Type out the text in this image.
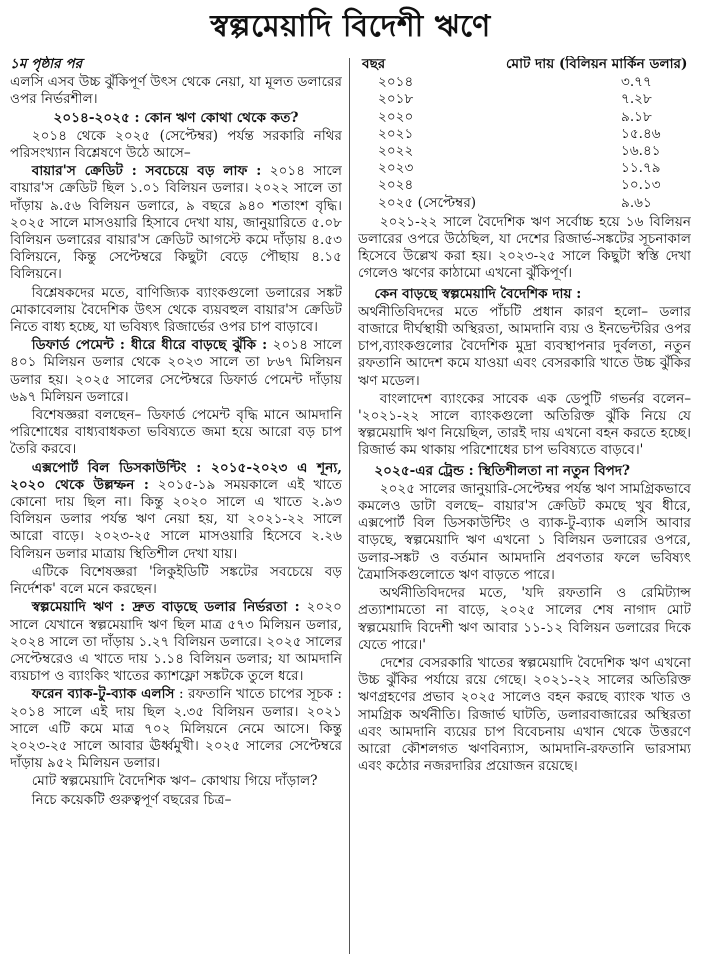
স্বল্পমেয়াদি বিদেশী ঋণে

১ম পৃষ্ঠার পর

এলসি এসব উচ্চ ঝুঁকিপূর্ণ উৎস থেকে নেয়া, যা মূলত ডলারের ওপর নির্ভরশীল।

২০১৪-২০২৫ : কোন ঋণ কোথা থেকে কত?

২০১৪ থেকে ২০২৫ (সেপ্টেম্বর) পর্যন্ত সরকারি নথির পরিসংখ্যান বিশ্লেষণে উঠে আসে–

বায়ার'স ক্রেডিট : সবচেয়ে বড় লাফ : ২০১৪ সালে বায়ার'স ক্রেডিট ছিল ১.০১ বিলিয়ন ডলার। ২০২২ সালে তা দাঁড়ায় ৯.৫৬ বিলিয়ন ডলারে, ৯ বছরে ৯৪০ শতাংশ বৃদ্ধি। ২০২৫ সালে মাসওয়ারি হিসাবে দেখা যায়, জানুয়ারিতে ৫.০৮ বিলিয়ন ডলারের বায়ার'স ক্রেডিট আগস্টে কমে দাঁড়ায় ৪.৫৩ বিলিয়নে, কিন্তু সেপ্টেম্বরে কিছুটা বেড়ে পৌছায় ৪.১৫ বিলিয়নে।

বিশ্লেষকদের মতে, বাণিজ্যিক ব্যাংকগুলো ডলারের সঙ্কট মোকাবেলায় বৈদেশিক উৎস থেকে ব্যয়বহুল বায়ার'স ক্রেডিট নিতে বাধ্য হচ্ছে, যা ভবিষ্যৎ রিজার্ভের ওপর চাপ বাড়াবে।

ডিফার্ড পেমেন্ট : ধীরে ধীরে বাড়ছে ঝুঁকি : ২০১৪ সালে ৪০১ মিলিয়ন ডলার থেকে ২০২৩ সালে তা ৮৬৭ মিলিয়ন ডলার হয়। ২০২৫ সালের সেপ্টেম্বরে ডিফার্ড পেমেন্ট দাঁড়ায় ৬৯৭ মিলিয়ন ডলারে।

বিশেষজ্ঞরা বলছেন– ডিফার্ড পেমেন্ট বৃদ্ধি মানে আমদানি পরিশোধের বাধ্যবাধকতা ভবিষ্যতে জমা হয়ে আরো বড় চাপ তৈরি করবে।

এক্সপোর্ট বিল ডিসকাউন্টিং : ২০১৫-২০২৩ এ শূন্য, ২০২০ থেকে উল্লম্ফন : ২০১৫-১৯ সময়কালে এই খাতে কোনো দায় ছিল না। কিন্তু ২০২০ সালে এ খাতে ২.৯৩ বিলিয়ন ডলার পর্যন্ত ঋণ নেয়া হয়, যা ২০২১-২২ সালে আরো বাড়ে। ২০২৩-২৫ সালে মাসওয়ারি হিসেবে ২.২৬ বিলিয়ন ডলার মাত্রায় স্থিতিশীল দেখা যায়।

এটিকে বিশেষজ্ঞরা 'লিকুইডিটি সঙ্কটের সবচেয়ে বড় নির্দেশক' বলে মনে করছেন।

স্বল্পমেয়াদি ঋণ : দ্রুত বাড়ছে ডলার নির্ভরতা : ২০২০ সালে যেখানে স্বল্পমেয়াদি ঋণ ছিল মাত্র ৫৭৩ মিলিয়ন ডলার, ২০২৪ সালে তা দাঁড়ায় ১.২৭ বিলিয়ন ডলারে। ২০২৫ সালের সেপ্টেম্বরেও এ খাতে দায় ১.১৪ বিলিয়ন ডলার; যা আমদানি ব্যয়চাপ ও ব্যাংকিং খাতের ক্যাশফ্লো সঙ্কটকে তুলে ধরে।

ফরেন ব্যাক-টু-ব্যাক এলসি : রফতানি খাতে চাপের সূচক : ২০১৪ সালে এই দায় ছিল ২.৩৫ বিলিয়ন ডলার। ২০২১ সালে এটি কমে মাত্র ৭০২ মিলিয়নে নেমে আসে। কিন্তু ২০২৩-২৫ সালে আবার ঊর্ধ্বমুখী। ২০২৫ সালের সেপ্টেম্বরে দাঁড়ায় ৯৫২ মিলিয়ন ডলার।

মোট স্বল্পমেয়াদি বৈদেশিক ঋণ– কোথায় গিয়ে দাঁড়াল?

নিচে কয়েকটি গুরুত্বপূর্ণ বছরের চিত্র–

বছর	মোট দায় (বিলিয়ন মার্কিন ডলার)
২০১৪	৩.৭৭
২০১৮	৭.২৮
২০২০	৯.১৮
২০২১	১৫.৪৬
২০২২	১৬.৪১
২০২৩	১১.৭৯
২০২৪	১০.১৩
২০২৫ (সেপ্টেম্বর)	৯.৬১

২০২১-২২ সালে বৈদেশিক ঋণ সর্বোচ্চ হয়ে ১৬ বিলিয়ন ডলারের ওপরে উঠেছিল, যা দেশের রিজার্ভ-সঙ্কটের সূচনাকাল হিসেবে উল্লেখ করা হয়। ২০২৩-২৫ সালে কিছুটা স্বস্তি দেখা গেলেও ঋণের কাঠামো এখনো ঝুঁকিপূর্ণ।

কেন বাড়ছে স্বল্পমেয়াদি বৈদেশিক দায় :

অর্থনীতিবিদদের মতে পাঁচটি প্রধান কারণ হলো– ডলার বাজারে দীর্ঘস্থায়ী অস্থিরতা, আমদানি ব্যয় ও ইনভেন্টরির ওপর চাপ,ব্যাংকগুলোর বৈদেশিক মুদ্রা ব্যবস্থাপনার দুর্বলতা, নতুন রফতানি আদেশ কমে যাওয়া এবং বেসরকারি খাতে উচ্চ ঝুঁকির ঋণ মডেল।

বাংলাদেশ ব্যাংকের সাবেক এক ডেপুটি গভর্নর বলেন– '২০২১-২২ সালে ব্যাংকগুলো অতিরিক্ত ঝুঁকি নিয়ে যে স্বল্পমেয়াদি ঋণ নিয়েছিল, তারই দায় এখনো বহন করতে হচ্ছে। রিজার্ভ কম থাকায় পরিশোধের চাপ ভবিষ্যতে বাড়বে।'

২০২৫-এর ট্রেন্ড : স্থিতিশীলতা না নতুন বিপদ?

২০২৫ সালের জানুয়ারি-সেপ্টেম্বর পর্যন্ত ঋণ সামগ্রিকভাবে কমলেও ডাটা বলছে– বায়ার'স ক্রেডিট কমছে খুব ধীরে, এক্সপোর্ট বিল ডিসকাউন্টিং ও ব্যাক-টু-ব্যাক এলসি আবার বাড়ছে, স্বল্পমেয়াদি ঋণ এখনো ১ বিলিয়ন ডলারের ওপরে, ডলার-সঙ্কট ও বর্তমান আমদানি প্রবণতার ফলে ভবিষ্যৎ ত্রৈমাসিকগুলোতে ঋণ বাড়তে পারে।

অর্থনীতিবিদদের মতে, 'যদি রফতানি ও রেমিট্যান্স প্রত্যাশামতো না বাড়ে, ২০২৫ সালের শেষ নাগাদ মোট স্বল্পমেয়াদি বিদেশী ঋণ আবার ১১-১২ বিলিয়ন ডলারের দিকে যেতে পারে।'

দেশের বেসরকারি খাতের স্বল্পমেয়াদি বৈদেশিক ঋণ এখনো উচ্চ ঝুঁকির পর্যায়ে রয়ে গেছে। ২০২১-২২ সালের অতিরিক্ত ঋণগ্রহণের প্রভাব ২০২৫ সালেও বহন করছে ব্যাংক খাত ও সামগ্রিক অর্থনীতি। রিজার্ভ ঘাটতি, ডলারবাজারের অস্থিরতা এবং আমদানি ব্যয়ের চাপ বিবেচনায় এখান থেকে উত্তরণে আরো কৌশলগত ঋণবিন্যাস, আমদানি-রফতানি ভারসাম্য এবং কঠোর নজরদারির প্রয়োজন রয়েছে।
